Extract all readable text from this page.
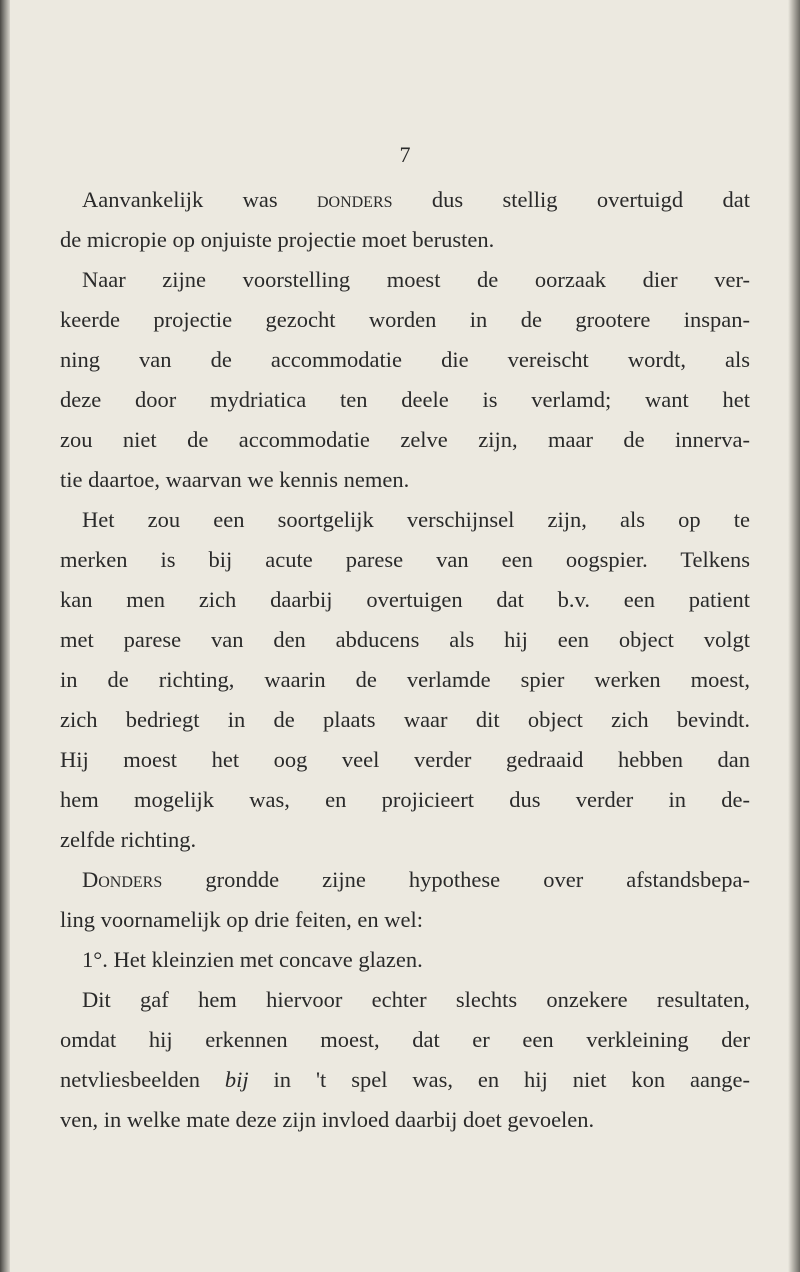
7
Aanvankelijk was donders dus stellig overtuigd dat
de micropie op onjuiste projectie moet berusten.
Naar zijne voorstelling moest de oorzaak dier ver-
keerde projectie gezocht worden in de grootere inspan-
ning van de accommodatie die vereischt wordt, als
deze door mydriatica ten deele is verlamd; want het
zou niet de accommodatie zelve zijn, maar de innerva-
tie daartoe, waarvan we kennis nemen.
Het zou een soortgelijk verschijnsel zijn, als op te
merken is bij acute parese van een oogspier. Telkens
kan men zich daarbij overtuigen dat b.v. een patient
met parese van den abducens als hij een object volgt
in de richting, waarin de verlamde spier werken moest,
zich bedriegt in de plaats waar dit object zich bevindt.
Hij moest het oog veel verder gedraaid hebben dan
hem mogelijk was, en projicieert dus verder in de-
zelfde richting.
Donders grondde zijne hypothese over afstandsbepa-
ling voornamelijk op drie feiten, en wel:
1°. Het kleinzien met concave glazen.
Dit gaf hem hiervoor echter slechts onzekere resultaten,
omdat hij erkennen moest, dat er een verkleining der
netvliesbeelden bij in 't spel was, en hij niet kon aange-
ven, in welke mate deze zijn invloed daarbij doet gevoelen.
